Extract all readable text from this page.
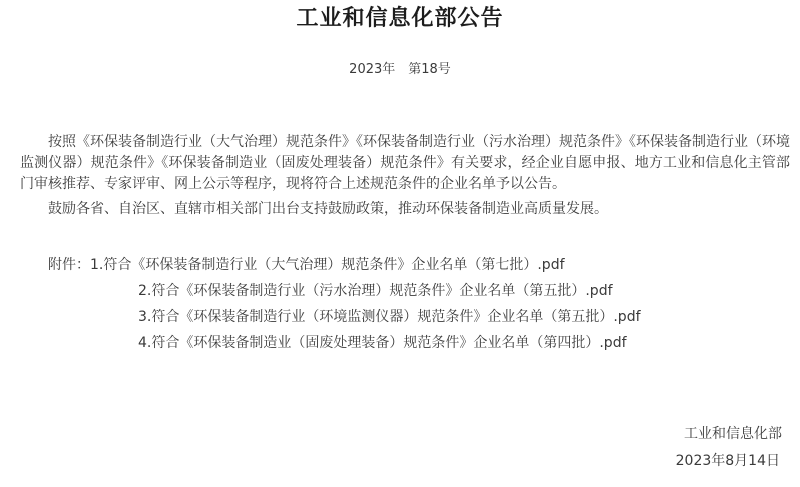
工业和信息化部公告
2023年　第18号

按照《环保装备制造行业（大气治理）规范条件》《环保装备制造行业（污水治理）规范条件》《环保装备制造行业（环境监测仪器）规范条件》《环保装备制造业（固废处理装备）规范条件》有关要求，经企业自愿申报、地方工业和信息化主管部门审核推荐、专家评审、网上公示等程序，现将符合上述规范条件的企业名单予以公告。

鼓励各省、自治区、直辖市相关部门出台支持鼓励政策，推动环保装备制造业高质量发展。

附件：1.符合《环保装备制造行业（大气治理）规范条件》企业名单（第七批）.pdf
2.符合《环保装备制造行业（污水治理）规范条件》企业名单（第五批）.pdf
3.符合《环保装备制造行业（环境监测仪器）规范条件》企业名单（第五批）.pdf
4.符合《环保装备制造业（固废处理装备）规范条件》企业名单（第四批）.pdf
工业和信息化部
2023年8月14日
